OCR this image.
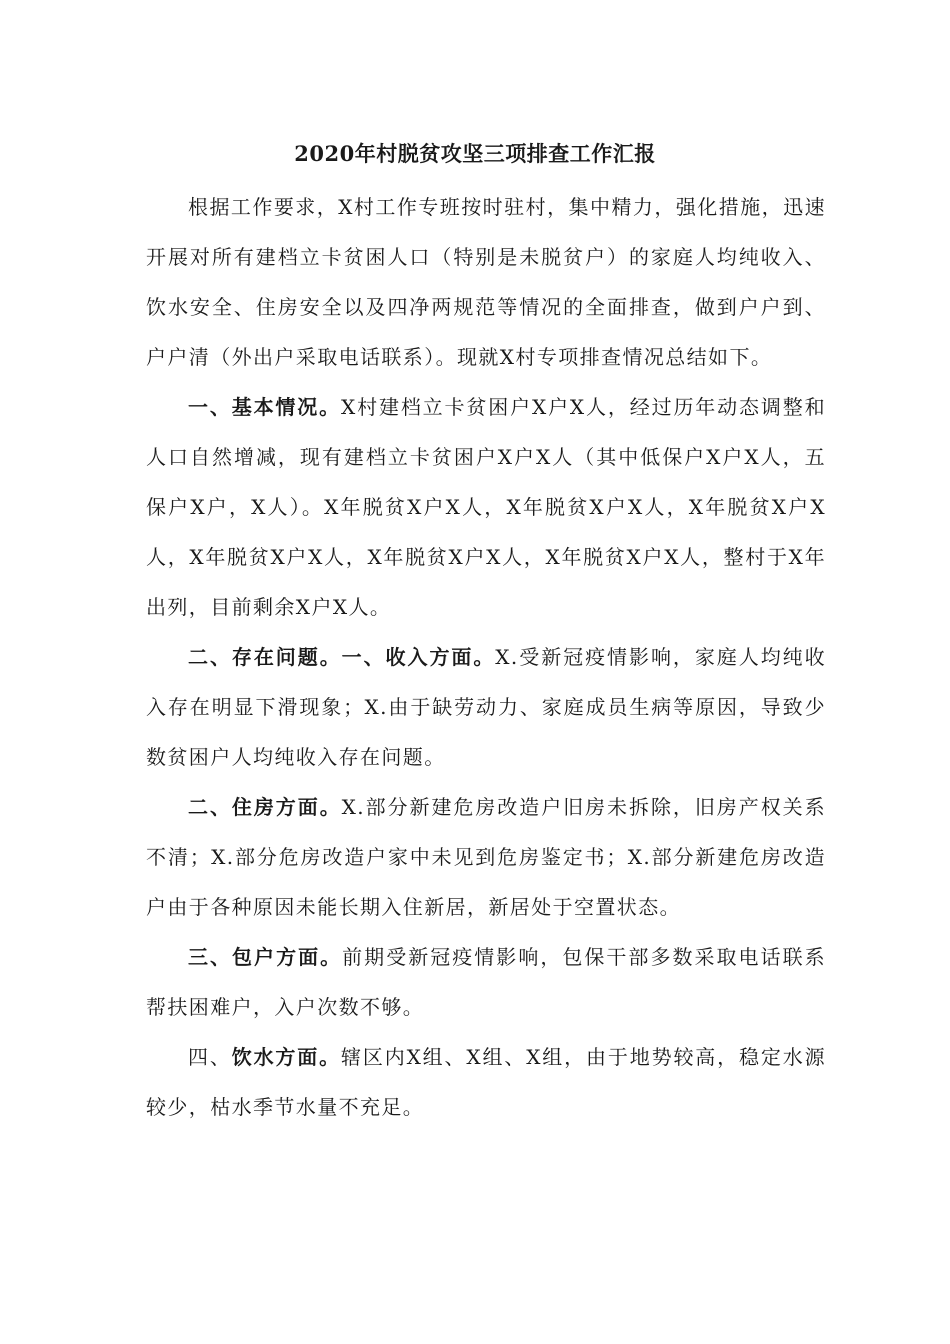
2020年村脱贫攻坚三项排查工作汇报

根据工作要求，X村工作专班按时驻村，集中精力，强化措施，迅速开展对所有建档立卡贫困人口（特别是未脱贫户）的家庭人均纯收入、饮水安全、住房安全以及四净两规范等情况的全面排查，做到户户到、户户清（外出户采取电话联系）。现就X村专项排查情况总结如下。

一、基本情况。X村建档立卡贫困户X户X人，经过历年动态调整和人口自然增减，现有建档立卡贫困户X户X人（其中低保户X户X人，五保户X户，X人）。X年脱贫X户X人，X年脱贫X户X人，X年脱贫X户X人，X年脱贫X户X人，X年脱贫X户X人，X年脱贫X户X人，整村于X年出列，目前剩余X户X人。

二、存在问题。一、收入方面。X.受新冠疫情影响，家庭人均纯收入存在明显下滑现象；X.由于缺劳动力、家庭成员生病等原因，导致少数贫困户人均纯收入存在问题。

二、住房方面。X.部分新建危房改造户旧房未拆除，旧房产权关系不清；X.部分危房改造户家中未见到危房鉴定书；X.部分新建危房改造户由于各种原因未能长期入住新居，新居处于空置状态。

三、包户方面。前期受新冠疫情影响，包保干部多数采取电话联系帮扶困难户，入户次数不够。

四、饮水方面。辖区内X组、X组、X组，由于地势较高，稳定水源较少，枯水季节水量不充足。
